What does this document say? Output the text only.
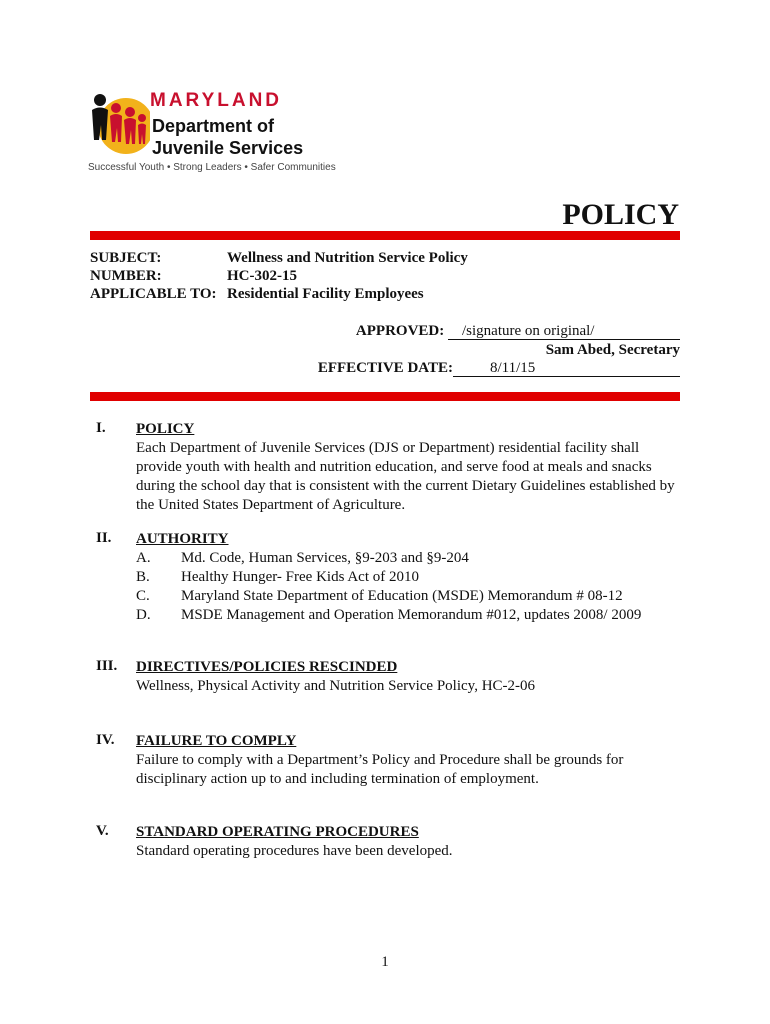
MARYLAND
Department of
Juvenile Services
Successful Youth • Strong Leaders • Safer Communities
POLICY
SUBJECT:	Wellness and Nutrition Service Policy
NUMBER:	HC-302-15
APPLICABLE TO: Residential Facility Employees
APPROVED: /signature on original/
Sam Abed, Secretary
EFFECTIVE DATE: 8/11/15
I. POLICY
Each Department of Juvenile Services (DJS or Department) residential facility shall provide youth with health and nutrition education, and serve food at meals and snacks during the school day that is consistent with the current Dietary Guidelines established by the United States Department of Agriculture.
II. AUTHORITY
A.	Md. Code, Human Services, §9-203 and §9-204
B.	Healthy Hunger- Free Kids Act of 2010
C.	Maryland State Department of Education (MSDE) Memorandum # 08-12
D.	MSDE Management and Operation Memorandum #012, updates 2008/ 2009
III. DIRECTIVES/POLICIES RESCINDED
Wellness, Physical Activity and Nutrition Service Policy, HC-2-06
IV. FAILURE TO COMPLY
Failure to comply with a Department’s Policy and Procedure shall be grounds for disciplinary action up to and including termination of employment.
V. STANDARD OPERATING PROCEDURES
Standard operating procedures have been developed.
1
